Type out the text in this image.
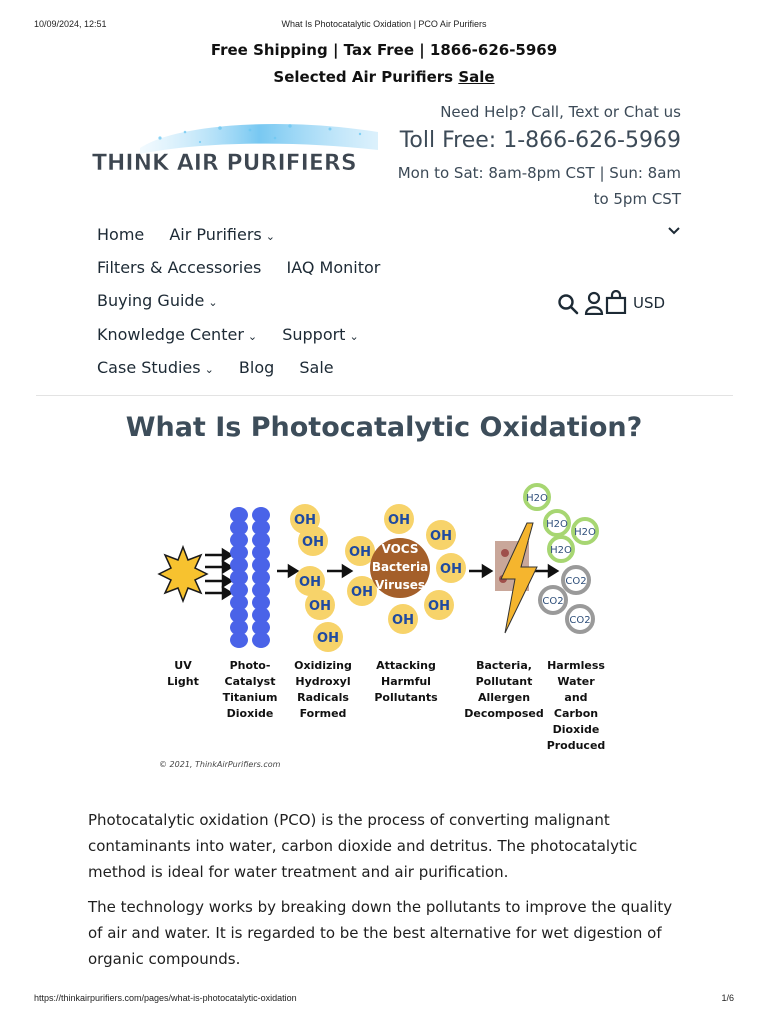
10/09/2024, 12:51	What Is Photocatalytic Oxidation | PCO Air Purifiers
Free Shipping | Tax Free | 1866-626-5969
Selected Air Purifiers Sale
THINK AIR PURIFIERS
Need Help? Call, Text or Chat us
Toll Free: 1-866-626-5969
Mon to Sat: 8am-8pm CST | Sun: 8am to 5pm CST
Home Air Purifiers ⌄
Filters & Accessories IAQ Monitor
Buying Guide ⌄
Knowledge Center ⌄ Support ⌄
Case Studies ⌄ Blog Sale
USD
What Is Photocatalytic Oxidation?
OH
OH
OH
OH
OH
OH
OH
OH
OH
OH
OH
OH
VOCS
Bacteria
Viruses
H2O
H2O
H2O
H2O
CO2
CO2
CO2
UV
Light
Photo-
Catalyst
Titanium
Dioxide
Oxidizing
Hydroxyl
Radicals
Formed
Attacking
Harmful
Pollutants
Bacteria,
Pollutant
Allergen
Decomposed
Harmless
Water
and
Carbon
Dioxide
Produced
© 2021, ThinkAirPurifiers.com

Photocatalytic oxidation (PCO) is the process of converting malignant contaminants into water, carbon dioxide and detritus. The photocatalytic method is ideal for water treatment and air purification.

The technology works by breaking down the pollutants to improve the quality of air and water. It is regarded to be the best alternative for wet digestion of organic compounds.

https://thinkairpurifiers.com/pages/what-is-photocatalytic-oxidation	1/6
